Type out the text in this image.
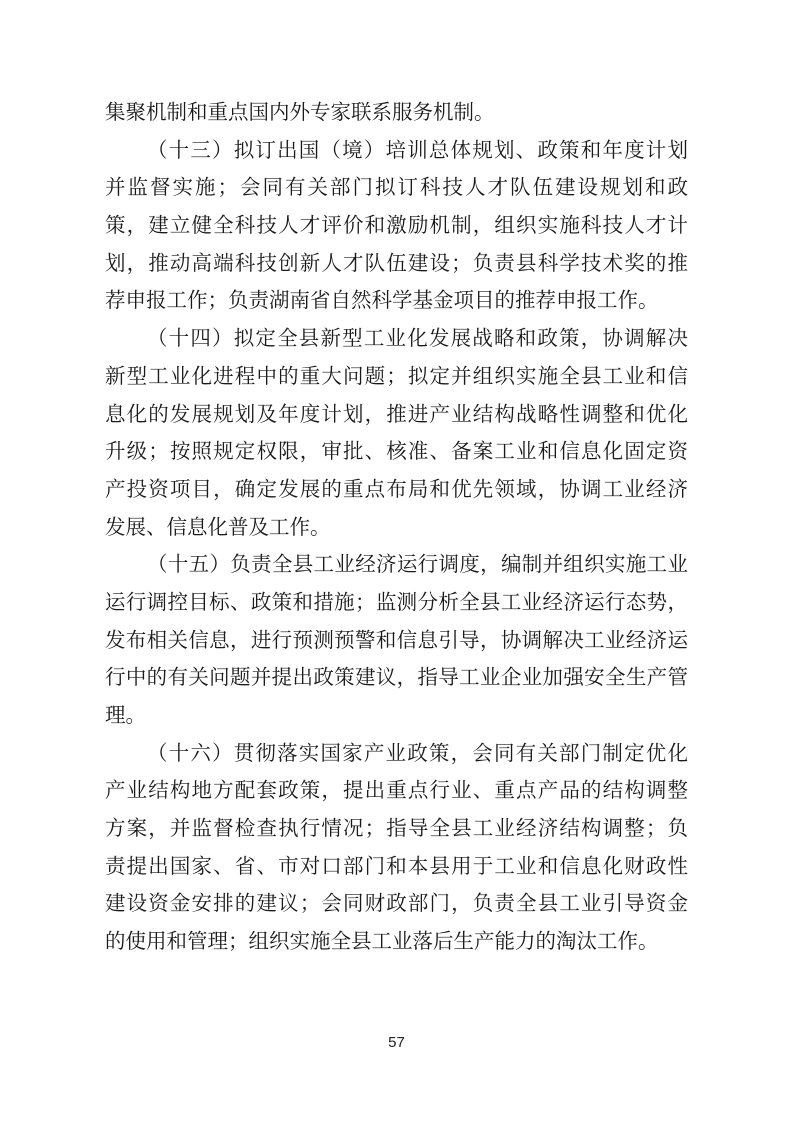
集聚机制和重点国内外专家联系服务机制。
（十三）拟订出国（境）培训总体规划、政策和年度计划
并监督实施；会同有关部门拟订科技人才队伍建设规划和政
策，建立健全科技人才评价和激励机制，组织实施科技人才计
划，推动高端科技创新人才队伍建设；负责县科学技术奖的推
荐申报工作；负责湖南省自然科学基金项目的推荐申报工作。
（十四）拟定全县新型工业化发展战略和政策，协调解决
新型工业化进程中的重大问题；拟定并组织实施全县工业和信
息化的发展规划及年度计划，推进产业结构战略性调整和优化
升级；按照规定权限，审批、核准、备案工业和信息化固定资
产投资项目，确定发展的重点布局和优先领域，协调工业经济
发展、信息化普及工作。
（十五）负责全县工业经济运行调度，编制并组织实施工业
运行调控目标、政策和措施；监测分析全县工业经济运行态势，
发布相关信息，进行预测预警和信息引导，协调解决工业经济运
行中的有关问题并提出政策建议，指导工业企业加强安全生产管
理。
（十六）贯彻落实国家产业政策，会同有关部门制定优化
产业结构地方配套政策，提出重点行业、重点产品的结构调整
方案，并监督检查执行情况；指导全县工业经济结构调整；负
责提出国家、省、市对口部门和本县用于工业和信息化财政性
建设资金安排的建议；会同财政部门，负责全县工业引导资金
的使用和管理；组织实施全县工业落后生产能力的淘汰工作。
57
